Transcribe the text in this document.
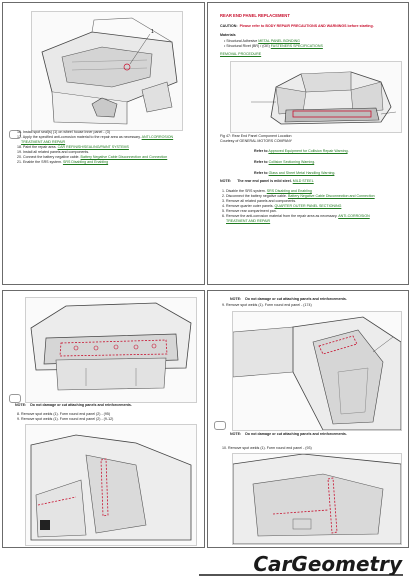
1
16. Install spot seal(s) (1) on wheel house inner panel - (3)
17. Apply the specified anti-corrosion material to the repair area as necessary. ANTI-CORROSION
TREATMENT AND REPAIR
18. Paint the repair area. CAR REFINISH/SEALING/PAINT SYSTEMS
19. Install all related panels and components.
20. Connect the battery negative cable. Battery Negative Cable Disconnection and Connection
21. Enable the SRS system. SRS Disabling and Enabling
REAR END PANEL REPLACEMENT
CAUTION: Please refer to BODY REPAIR PRECAUTIONS AND WARNINGS before starting.
Materials
• Structural Adhesive METAL PANEL BONDING
• Structural Rivet (BR) / (OE) FASTENERS SPECIFICATIONS
REMOVAL PROCEDURE
Fig 47: Rear End Panel Component Location
Courtesy of GENERAL MOTORS COMPANY
Refer to Approved Equipment for Collision Repair Warning.
Refer to Collision Sectioning Warning.
Refer to Glass and Sheet Metal Handling Warning.
NOTE: The rear end panel is mild steel. MILD STEEL
1. Disable the SRS system. SRS Disabling and Enabling
2. Disconnect the battery negative cable. Battery Negative Cable Disconnection and Connection
3. Remove all related panels and components.
4. Remove quarter outer panels. QUARTER OUTER PANEL SECTIONING
5. Remove rear compartment pan.
6. Remove the anti-corrosion material from the repair area as necessary. ANTI-CORROSION
TREATMENT AND REPAIR
NOTE: Do not damage or cut attaching panels and reinforcements.
8. Remove spot welds (1). Form round end panel (2) - (95)
9. Remove spot welds (1). Form round end panel (2) - (9-12)
NOTE: Do not damage or cut attaching panels and reinforcements.
9. Remove spot welds (1). Form round end panel - (174)
NOTE: Do not damage or cut attaching panels and reinforcements.
10. Remove spot welds (1). Form round end panel - (93)
CarGeometry
